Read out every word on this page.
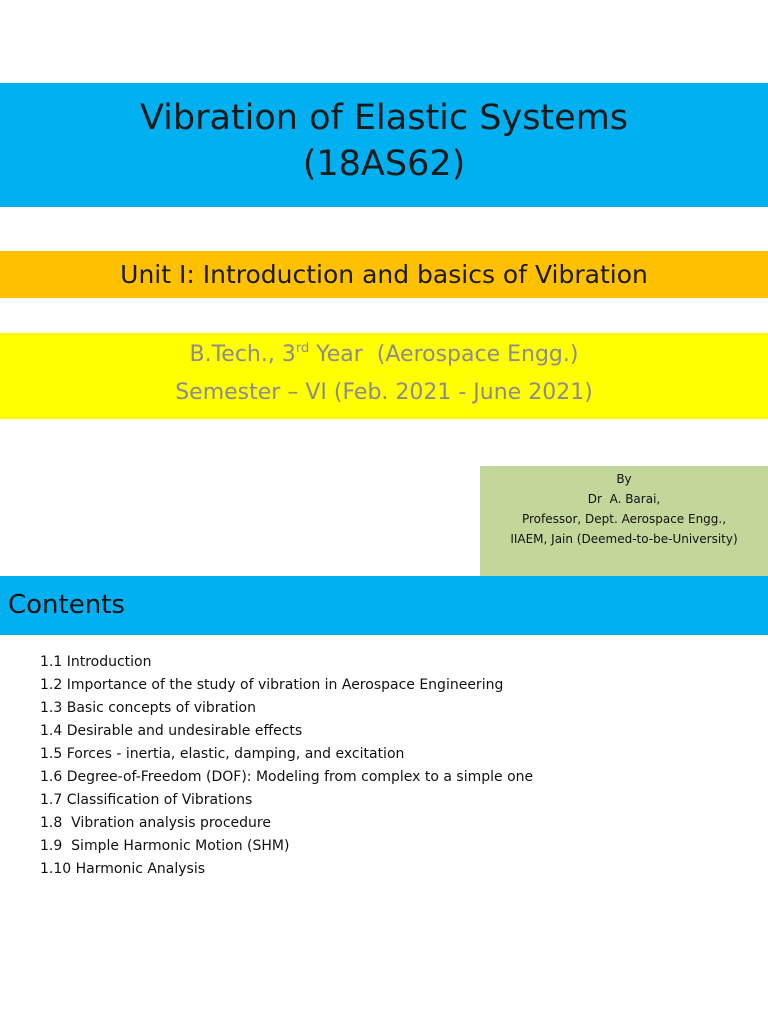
Vibration of Elastic Systems
(18AS62)
Unit I: Introduction and basics of Vibration
B.Tech., 3rd Year  (Aerospace Engg.)
Semester – VI (Feb. 2021 - June 2021)
By
Dr  A. Barai,
Professor, Dept. Aerospace Engg.,
IIAEM, Jain (Deemed-to-be-University)
Contents
1.1 Introduction
1.2 Importance of the study of vibration in Aerospace Engineering
1.3 Basic concepts of vibration
1.4 Desirable and undesirable effects
1.5 Forces - inertia, elastic, damping, and excitation
1.6 Degree-of-Freedom (DOF): Modeling from complex to a simple one
1.7 Classification of Vibrations
1.8  Vibration analysis procedure
1.9  Simple Harmonic Motion (SHM)
1.10 Harmonic Analysis
